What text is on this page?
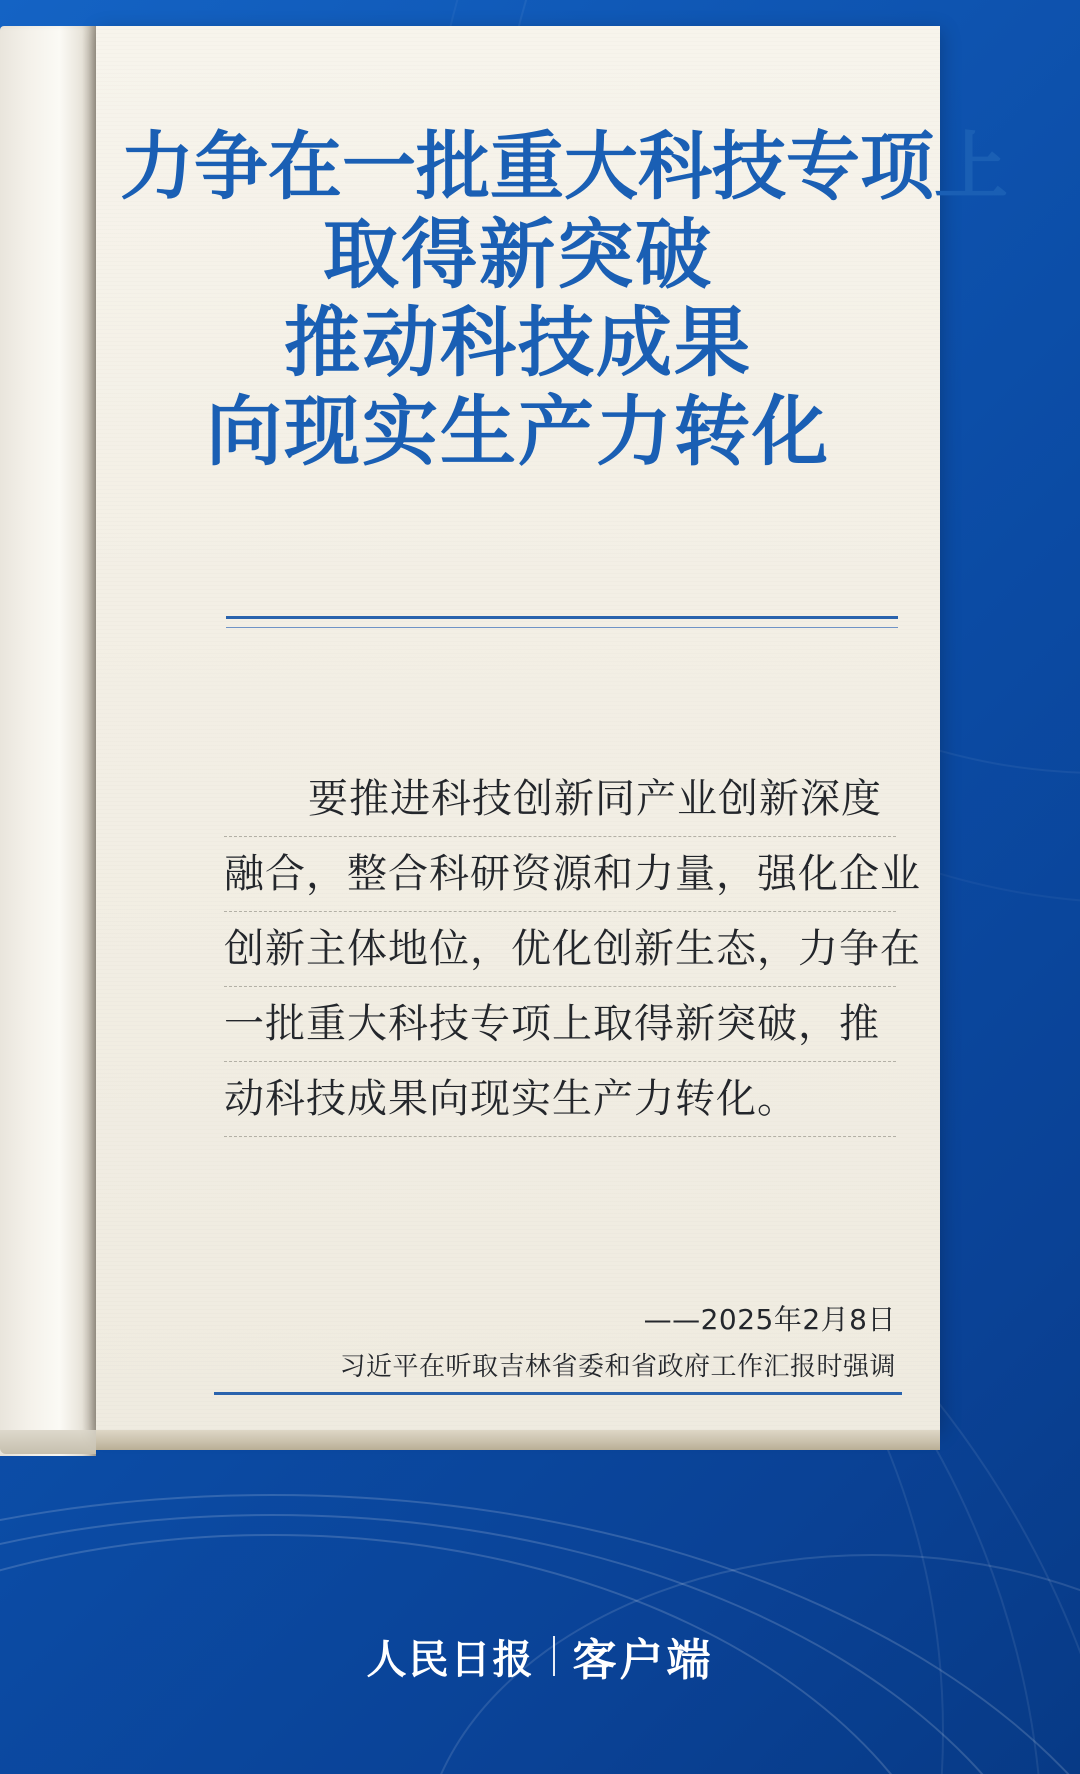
力争在一批重大科技专项上
取得新突破
推动科技成果
向现实生产力转化
要推进科技创新同产业创新深度
融合，整合科研资源和力量，强化企业
创新主体地位，优化创新生态，力争在
一批重大科技专项上取得新突破，推
动科技成果向现实生产力转化。
——2025年2月8日
习近平在听取吉林省委和省政府工作汇报时强调
人民日报 客户端
